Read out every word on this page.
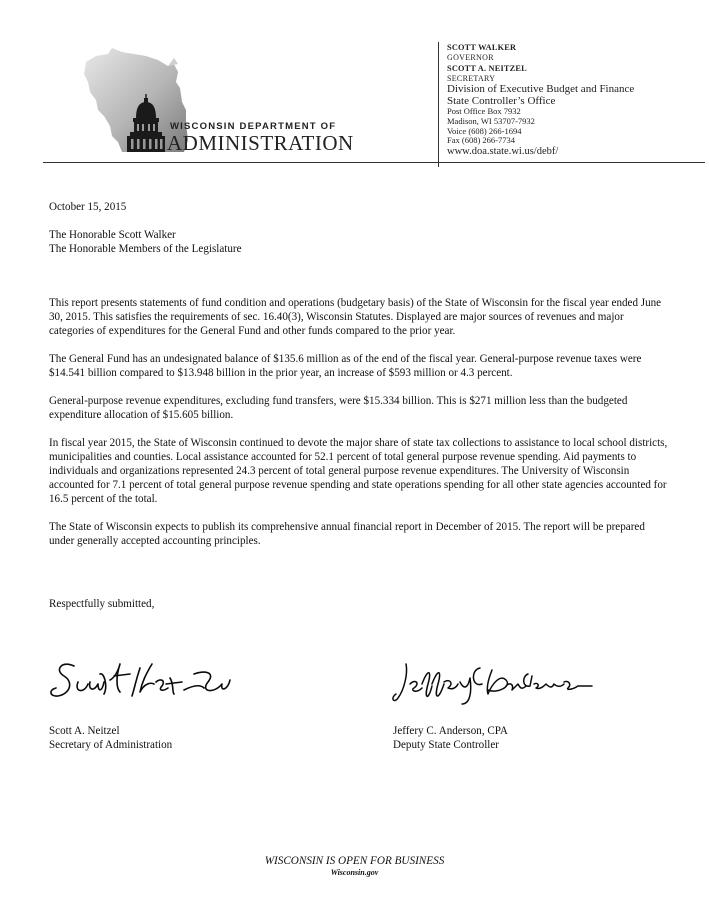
WISCONSIN DEPARTMENT OF
ADMINISTRATION
SCOTT WALKER
GOVERNOR
SCOTT A. NEITZEL
SECRETARY
Division of Executive Budget and Finance
State Controller’s Office
Post Office Box 7932
Madison, WI 53707-7932
Voice (608) 266-1694
Fax (608) 266-7734
www.doa.state.wi.us/debf/
October 15, 2015
The Honorable Scott Walker
The Honorable Members of the Legislature
This report presents statements of fund condition and operations (budgetary basis) of the State of Wisconsin for the fiscal year ended June 30, 2015. This satisfies the requirements of sec. 16.40(3), Wisconsin Statutes. Displayed are major sources of revenues and major categories of expenditures for the General Fund and other funds compared to the prior year.
The General Fund has an undesignated balance of $135.6 million as of the end of the fiscal year. General-purpose revenue taxes were $14.541 billion compared to $13.948 billion in the prior year, an increase of $593 million or 4.3 percent.
General-purpose revenue expenditures, excluding fund transfers, were $15.334 billion. This is $271 million less than the budgeted expenditure allocation of $15.605 billion.
In fiscal year 2015, the State of Wisconsin continued to devote the major share of state tax collections to assistance to local school districts, municipalities and counties. Local assistance accounted for 52.1 percent of total general purpose revenue spending. Aid payments to individuals and organizations represented 24.3 percent of total general purpose revenue expenditures. The University of Wisconsin accounted for 7.1 percent of total general purpose revenue spending and state operations spending for all other state agencies accounted for 16.5 percent of the total.
The State of Wisconsin expects to publish its comprehensive annual financial report in December of 2015. The report will be prepared under generally accepted accounting principles.
Respectfully submitted,
Scott A. Neitzel
Secretary of Administration
Jeffery C. Anderson, CPA
Deputy State Controller
WISCONSIN IS OPEN FOR BUSINESS
Wisconsin.gov
